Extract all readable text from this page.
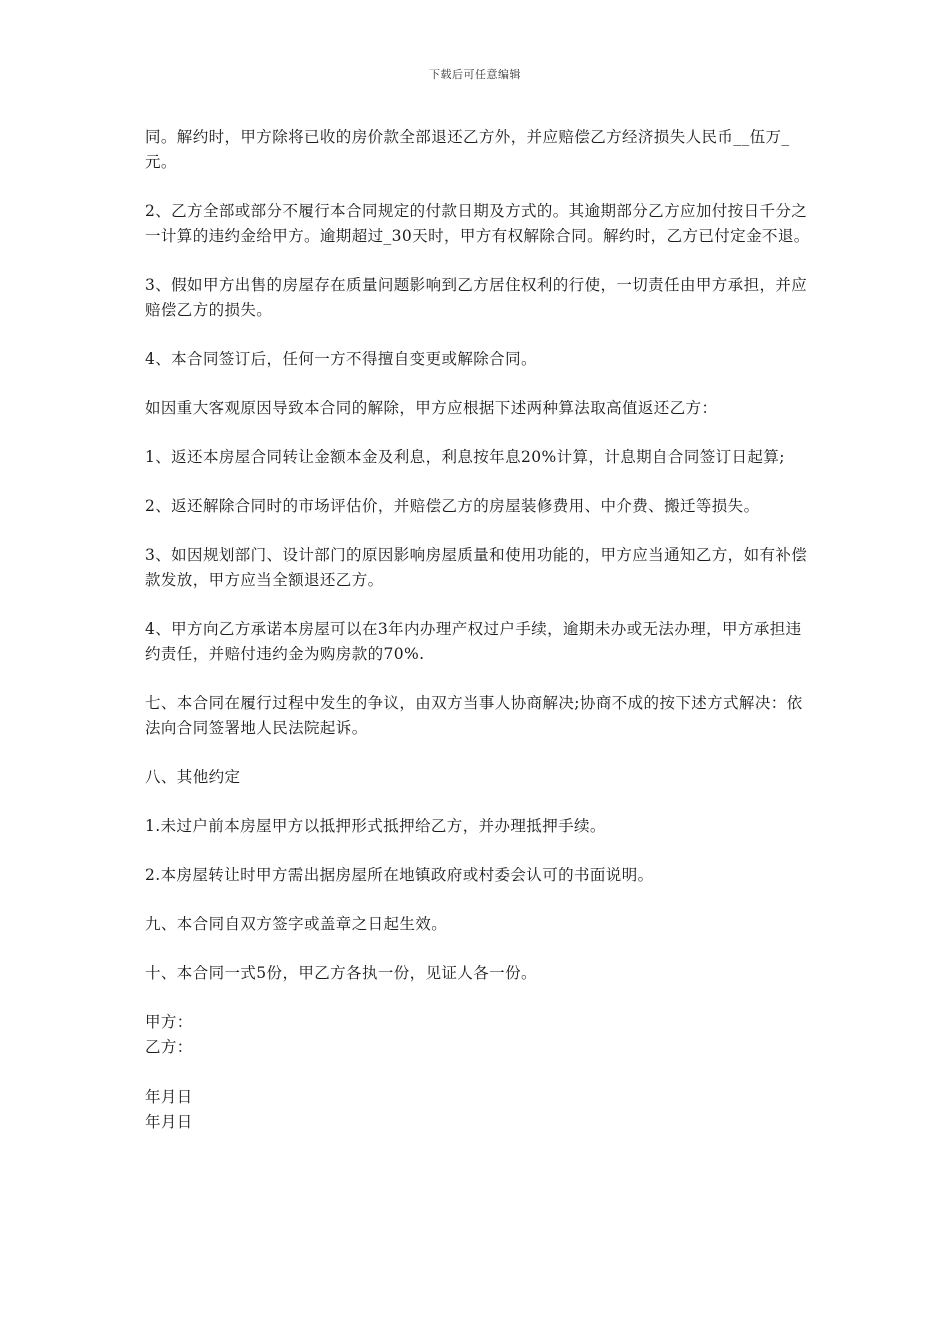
下载后可任意编辑

同。解约时，甲方除将已收的房价款全部退还乙方外，并应赔偿乙方经济损失人民币__伍万_元。

2、乙方全部或部分不履行本合同规定的付款日期及方式的。其逾期部分乙方应加付按日千分之一计算的违约金给甲方。逾期超过_30天时，甲方有权解除合同。解约时，乙方已付定金不退。

3、假如甲方出售的房屋存在质量问题影响到乙方居住权利的行使，一切责任由甲方承担，并应赔偿乙方的损失。

4、本合同签订后，任何一方不得擅自变更或解除合同。

如因重大客观原因导致本合同的解除，甲方应根据下述两种算法取高值返还乙方：

1、返还本房屋合同转让金额本金及利息，利息按年息20%计算，计息期自合同签订日起算;

2、返还解除合同时的市场评估价，并赔偿乙方的房屋装修费用、中介费、搬迁等损失。

3、如因规划部门、设计部门的原因影响房屋质量和使用功能的，甲方应当通知乙方，如有补偿款发放，甲方应当全额退还乙方。

4、甲方向乙方承诺本房屋可以在3年内办理产权过户手续，逾期未办或无法办理，甲方承担违约责任，并赔付违约金为购房款的70%.

七、本合同在履行过程中发生的争议，由双方当事人协商解决;协商不成的按下述方式解决：依法向合同签署地人民法院起诉。

八、其他约定

1.未过户前本房屋甲方以抵押形式抵押给乙方，并办理抵押手续。

2.本房屋转让时甲方需出据房屋所在地镇政府或村委会认可的书面说明。

九、本合同自双方签字或盖章之日起生效。

十、本合同一式5份，甲乙方各执一份，见证人各一份。

甲方：

乙方：

年月日

年月日
